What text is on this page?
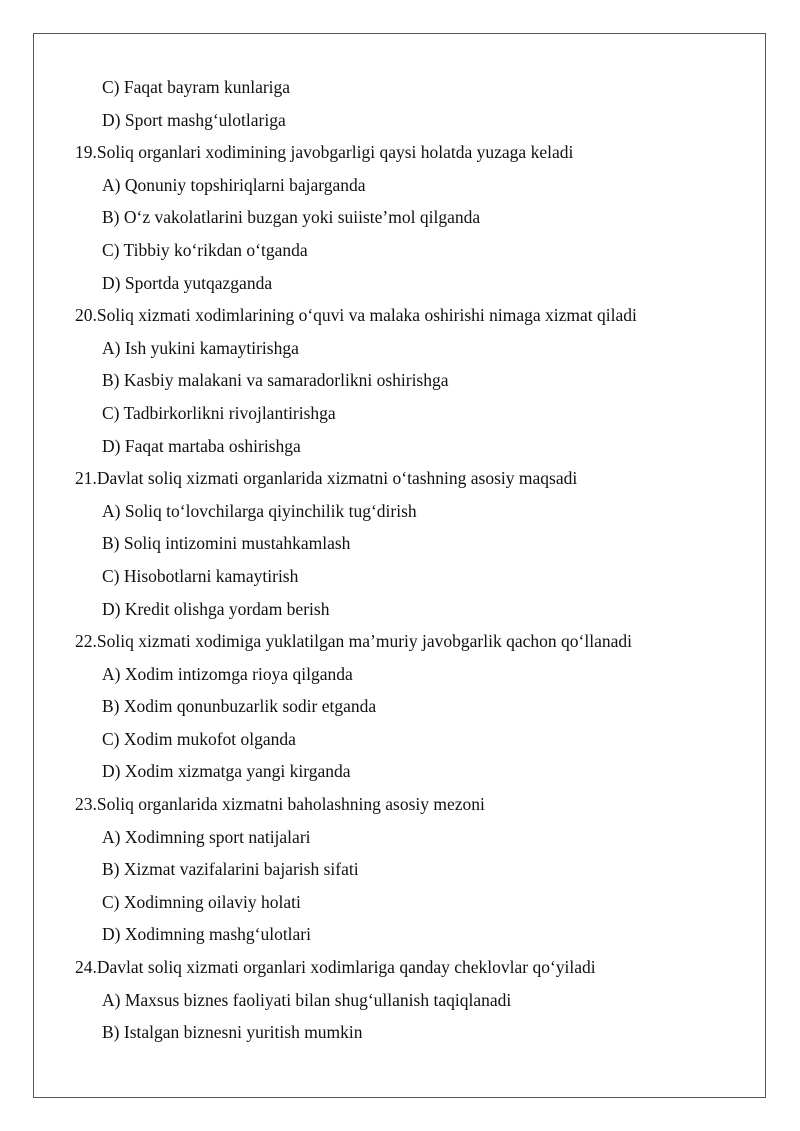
C) Faqat bayram kunlariga
D) Sport mashg‘ulotlariga
19.Soliq organlari xodimining javobgarligi qaysi holatda yuzaga keladi
A) Qonuniy topshiriqlarni bajarganda
B) O‘z vakolatlarini buzgan yoki suiiste’mol qilganda
C) Tibbiy ko‘rikdan o‘tganda
D) Sportda yutqazganda
20.Soliq xizmati xodimlarining o‘quvi va malaka oshirishi nimaga xizmat qiladi
A) Ish yukini kamaytirishga
B) Kasbiy malakani va samaradorlikni oshirishga
C) Tadbirkorlikni rivojlantirishga
D) Faqat martaba oshirishga
21.Davlat soliq xizmati organlarida xizmatni o‘tashning asosiy maqsadi
A) Soliq to‘lovchilarga qiyinchilik tug‘dirish
B) Soliq intizomini mustahkamlash
C) Hisobotlarni kamaytirish
D) Kredit olishga yordam berish
22.Soliq xizmati xodimiga yuklatilgan ma’muriy javobgarlik qachon qo‘llanadi
A) Xodim intizomga rioya qilganda
B) Xodim qonunbuzarlik sodir etganda
C) Xodim mukofot olganda
D) Xodim xizmatga yangi kirganda
23.Soliq organlarida xizmatni baholashning asosiy mezoni
A) Xodimning sport natijalari
B) Xizmat vazifalarini bajarish sifati
C) Xodimning oilaviy holati
D) Xodimning mashg‘ulotlari
24.Davlat soliq xizmati organlari xodimlariga qanday cheklovlar qo‘yiladi
A) Maxsus biznes faoliyati bilan shug‘ullanish taqiqlanadi
B) Istalgan biznesni yuritish mumkin
